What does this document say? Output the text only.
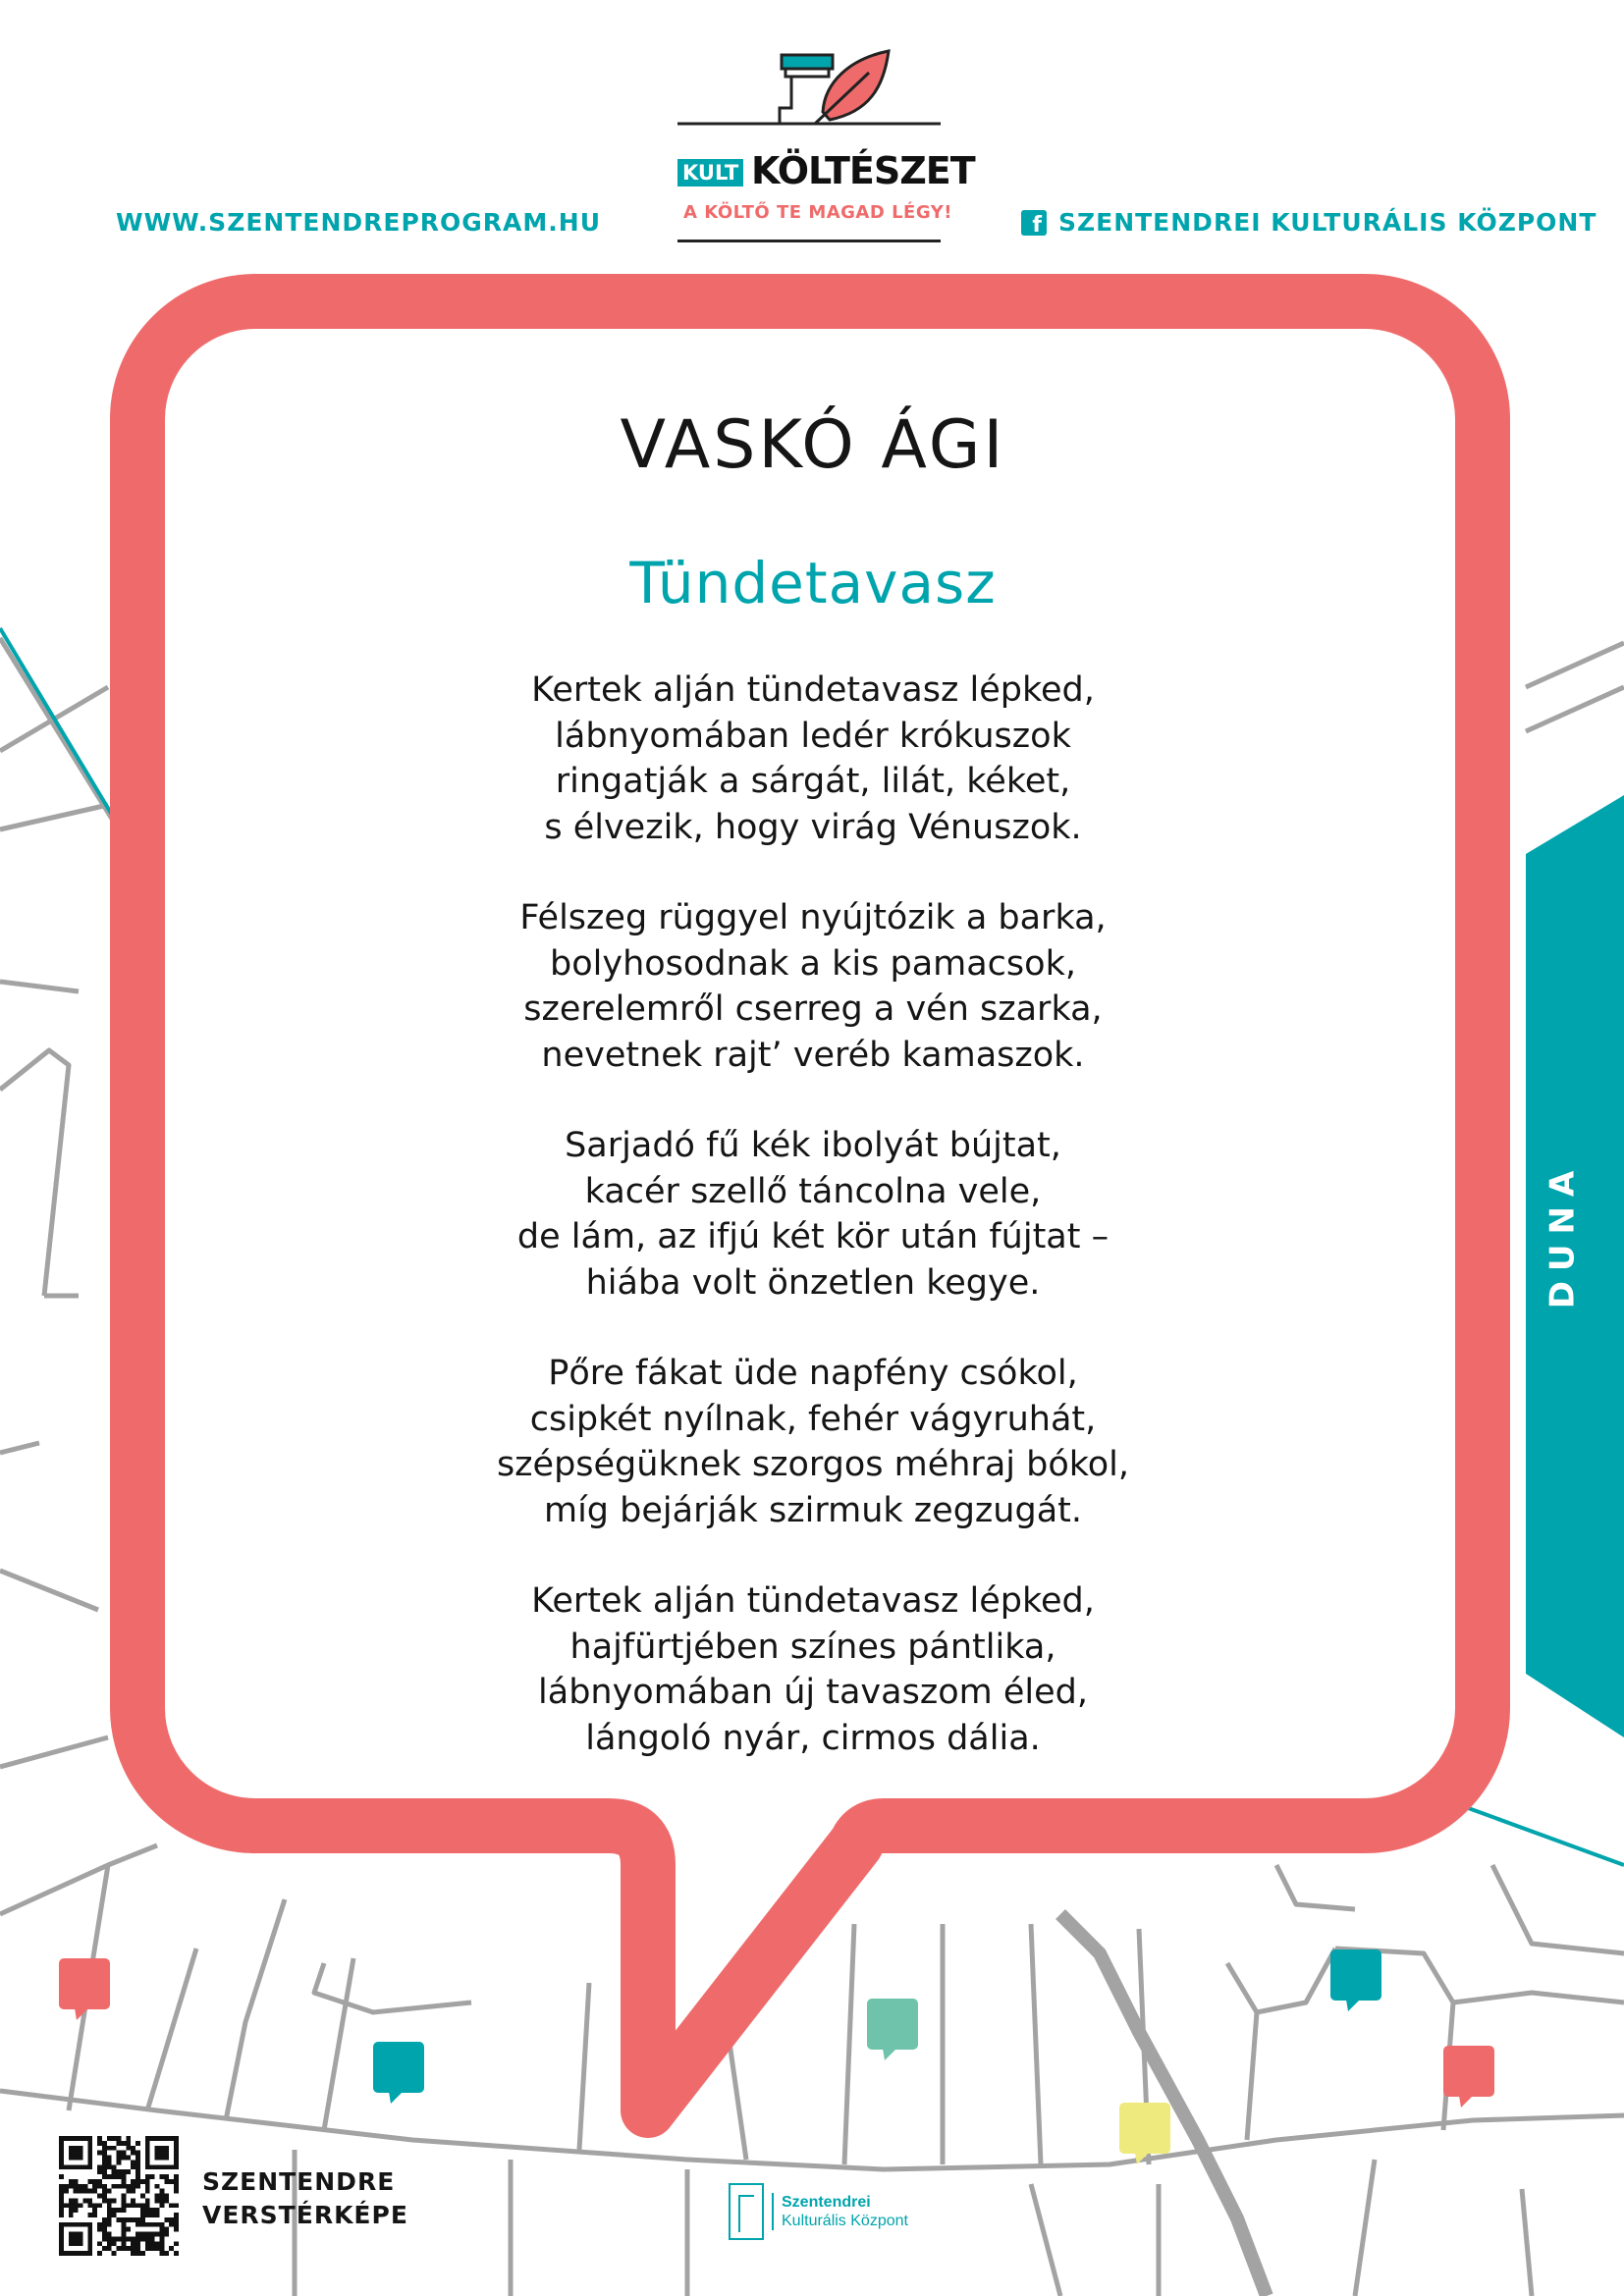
WWW.SZENTENDREPROGRAM.HU
KULT KÖLTÉSZET
A KÖLTŐ TE MAGAD LÉGY!
f	SZENTENDREI KULTURÁLIS KÖZPONT
VASKÓ ÁGI
Tündetavasz
Kertek alján tündetavasz lépked,
lábnyomában ledér krókuszok
ringatják a sárgát, lilát, kéket,
s élvezik, hogy virág Vénuszok.
Félszeg rüggyel nyújtózik a barka,
bolyhosodnak a kis pamacsok,
szerelemről cserreg a vén szarka,
nevetnek rajt’ veréb kamaszok.
Sarjadó fű kék ibolyát bújtat,
kacér szellő táncolna vele,
de lám, az ifjú két kör után fújtat –
hiába volt önzetlen kegye.
Pőre fákat üde napfény csókol,
csipkét nyílnak, fehér vágyruhát,
szépségüknek szorgos méhraj bókol,
míg bejárják szirmuk zegzugát.
Kertek alján tündetavasz lépked,
hajfürtjében színes pántlika,
lábnyomában új tavaszom éled,
lángoló nyár, cirmos dália.
DUNA
SZENTENDRE
VERSTÉRKÉPE	Szentendrei
Kulturális Központ
